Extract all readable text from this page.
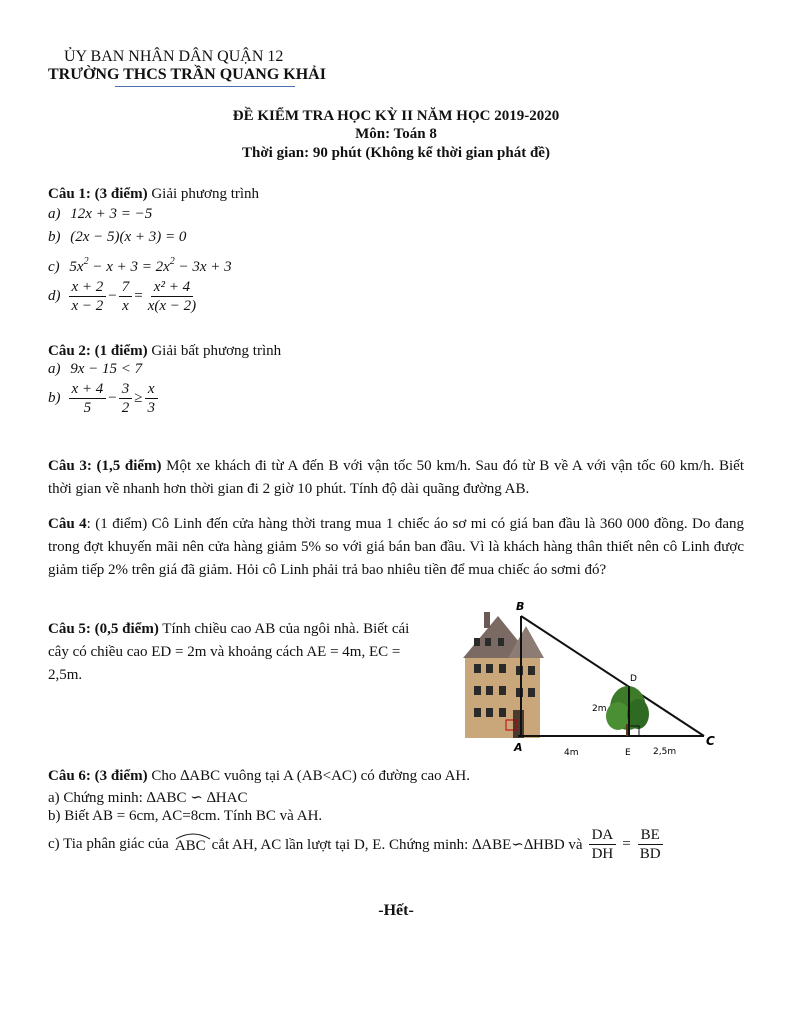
ỦY BAN NHÂN DÂN QUẬN 12
TRƯỜNG THCS TRẦN QUANG KHẢI
ĐỀ KIỂM TRA HỌC KỲ II NĂM HỌC 2019-2020
Môn: Toán 8
Thời gian: 90 phút (Không kể thời gian phát đề)
Câu 1: (3 điểm) Giải phương trình
a) 12x + 3 = −5
b) (2x − 5)(x + 3) = 0
c) $5x^2 - x + 3 = 2x^2 - 3x + 3$
$d) \frac{x + 2}{x - 2} - \frac{7}{x} = \frac{\text{x² + 4}}{x(x - 2)}$
Câu 2: (1 điểm) Giải bất phương trình
a) 9x − 15 < 7
$b) \frac{x + 4}{5} - \frac{3}{2} \ge \frac{x}{3}$
Câu 3: (1,5 điểm) Một xe khách đi từ A đến B với vận tốc 50 km/h. Sau đó từ B về A với vận tốc 60 km/h. Biết thời gian về nhanh hơn thời gian đi 2 giờ 10 phút. Tính độ dài quãng đường AB.
Câu 4: (1 điểm) Cô Linh đến cửa hàng thời trang mua 1 chiếc áo sơ mi có giá ban đầu là 360 000 đồng. Do đang trong đợt khuyến mãi nên cửa hàng giảm 5% so với giá bán ban đầu. Vì là khách hàng thân thiết nên cô Linh được giảm tiếp 2% trên giá đã giảm. Hỏi cô Linh phải trả bao nhiêu tiền để mua chiếc áo sơmi đó?
Câu 5: (0,5 điểm) Tính chiều cao AB của ngôi nhà. Biết cái cây có chiều cao ED = 2m và khoảng cách AE = 4m, EC = 2,5m.
B
A	C
D
E
2m
4m	2,5m
Câu 6: (3 điểm) Cho ∆ABC vuông tại A (AB<AC) có đường cao AH.
a) Chứng minh: ∆ABC ∽ ∆HAC
b) Biết AB = 6cm, AC=8cm. Tính BC và AH.
c) Tia phân giác của ABC cắt AH, AC lần lượt tại D, E. Chứng minh: ∆ABE∽∆HBD và $\frac{DA}{DH} = \frac{BE}{BD}$
-Hết-
